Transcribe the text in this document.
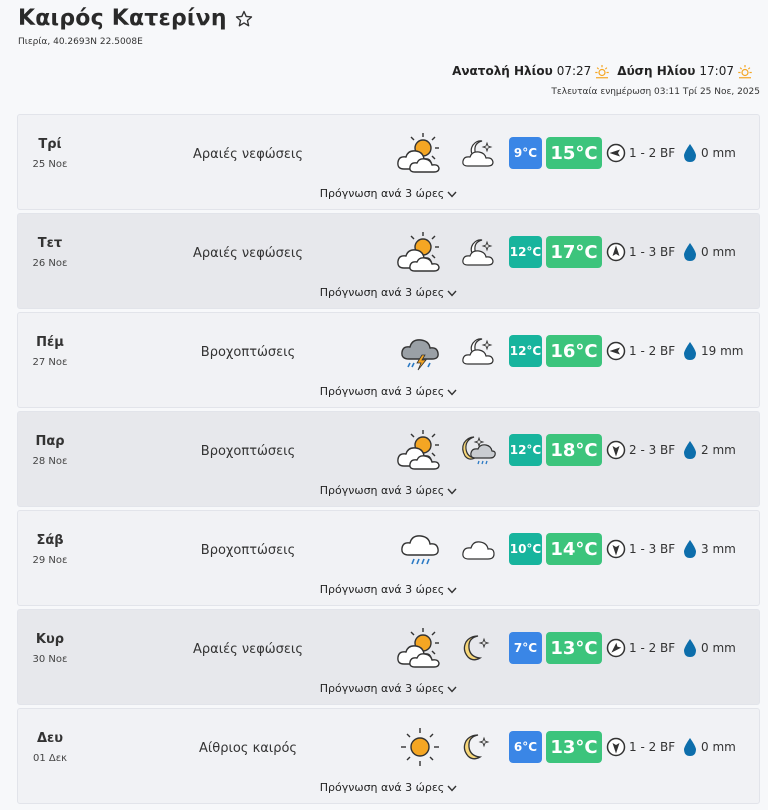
Καιρός Κατερίνη
Πιερία, 40.2693N 22.5008E
Ανατολή Ηλίου 07:27 Δύση Ηλίου 17:07
Τελευταία ενημέρωση 03:11 Τρί 25 Νοε, 2025
Τρί
25 Νοε
Αραιές νεφώσεις	9°C 15°C	1 - 2 BF 0 mm
Πρόγνωση ανά 3 ώρες
Τετ
26 Νοε
Αραιές νεφώσεις	12°C 17°C	1 - 3 BF 0 mm
Πρόγνωση ανά 3 ώρες
Πέμ
27 Νοε
Βροχοπτώσεις	12°C 16°C	1 - 2 BF 19 mm
Πρόγνωση ανά 3 ώρες
Παρ
28 Νοε
Βροχοπτώσεις	12°C 18°C	2 - 3 BF 2 mm
Πρόγνωση ανά 3 ώρες
Σάβ
29 Νοε
Βροχοπτώσεις	10°C 14°C	1 - 3 BF 3 mm
Πρόγνωση ανά 3 ώρες
Κυρ
30 Νοε
Αραιές νεφώσεις	7°C 13°C	1 - 2 BF 0 mm
Πρόγνωση ανά 3 ώρες
Δευ
01 Δεκ
Αίθριος καιρός	6°C 13°C	1 - 2 BF 0 mm
Πρόγνωση ανά 3 ώρες
